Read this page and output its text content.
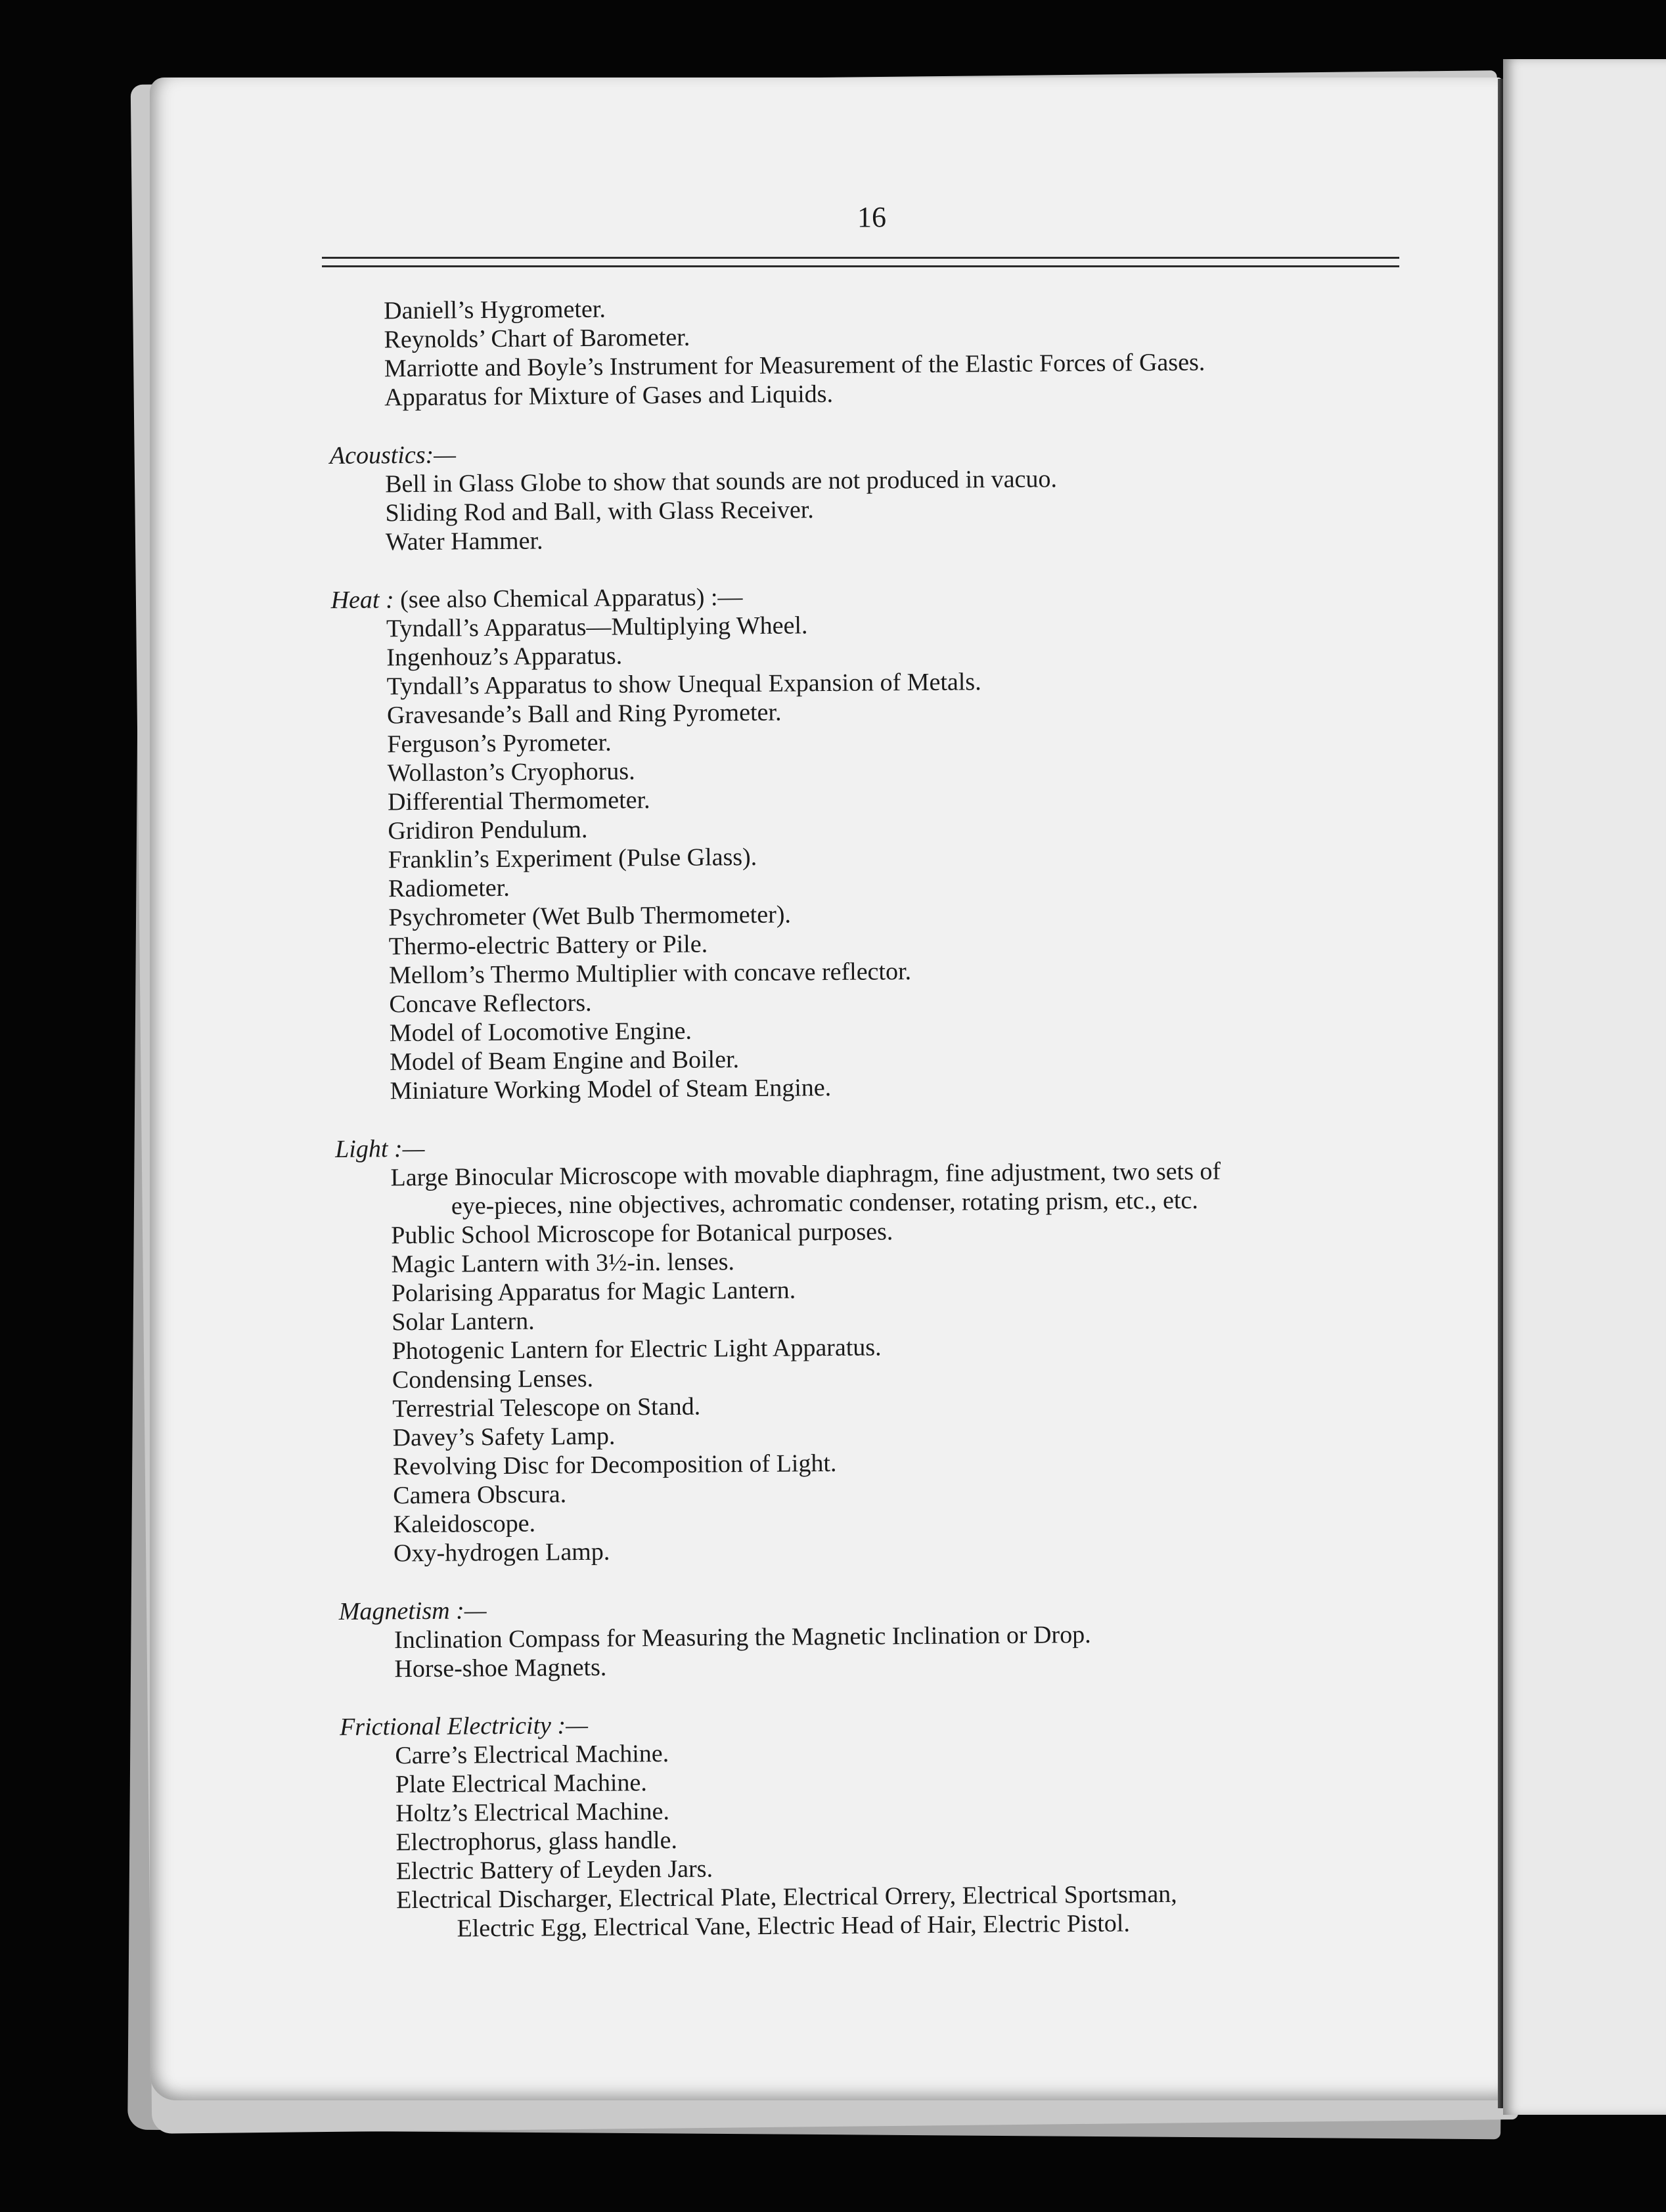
16
Daniell’s Hygrometer.
Reynolds’ Chart of Barometer.
Marriotte and Boyle’s Instrument for Measurement of the Elastic Forces of Gases.
Apparatus for Mixture of Gases and Liquids.
Acoustics:—
Bell in Glass Globe to show that sounds are not produced in vacuo.
Sliding Rod and Ball, with Glass Receiver.
Water Hammer.
Heat : (see also Chemical Apparatus) :—
Tyndall’s Apparatus—Multiplying Wheel.
Ingenhouz’s Apparatus.
Tyndall’s Apparatus to show Unequal Expansion of Metals.
Gravesande’s Ball and Ring Pyrometer.
Ferguson’s Pyrometer.
Wollaston’s Cryophorus.
Differential Thermometer.
Gridiron Pendulum.
Franklin’s Experiment (Pulse Glass).
Radiometer.
Psychrometer (Wet Bulb Thermometer).
Thermo-electric Battery or Pile.
Mellom’s Thermo Multiplier with concave reflector.
Concave Reflectors.
Model of Locomotive Engine.
Model of Beam Engine and Boiler.
Miniature Working Model of Steam Engine.
Light :—
Large Binocular Microscope with movable diaphragm, fine adjustment, two sets of
eye-pieces, nine objectives, achromatic condenser, rotating prism, etc., etc.
Public School Microscope for Botanical purposes.
Magic Lantern with 3½-in. lenses.
Polarising Apparatus for Magic Lantern.
Solar Lantern.
Photogenic Lantern for Electric Light Apparatus.
Condensing Lenses.
Terrestrial Telescope on Stand.
Davey’s Safety Lamp.
Revolving Disc for Decomposition of Light.
Camera Obscura.
Kaleidoscope.
Oxy-hydrogen Lamp.
Magnetism :—
Inclination Compass for Measuring the Magnetic Inclination or Drop.
Horse-shoe Magnets.
Frictional Electricity :—
Carre’s Electrical Machine.
Plate Electrical Machine.
Holtz’s Electrical Machine.
Electrophorus, glass handle.
Electric Battery of Leyden Jars.
Electrical Discharger, Electrical Plate, Electrical Orrery, Electrical Sportsman,
Electric Egg, Electrical Vane, Electric Head of Hair, Electric Pistol.
